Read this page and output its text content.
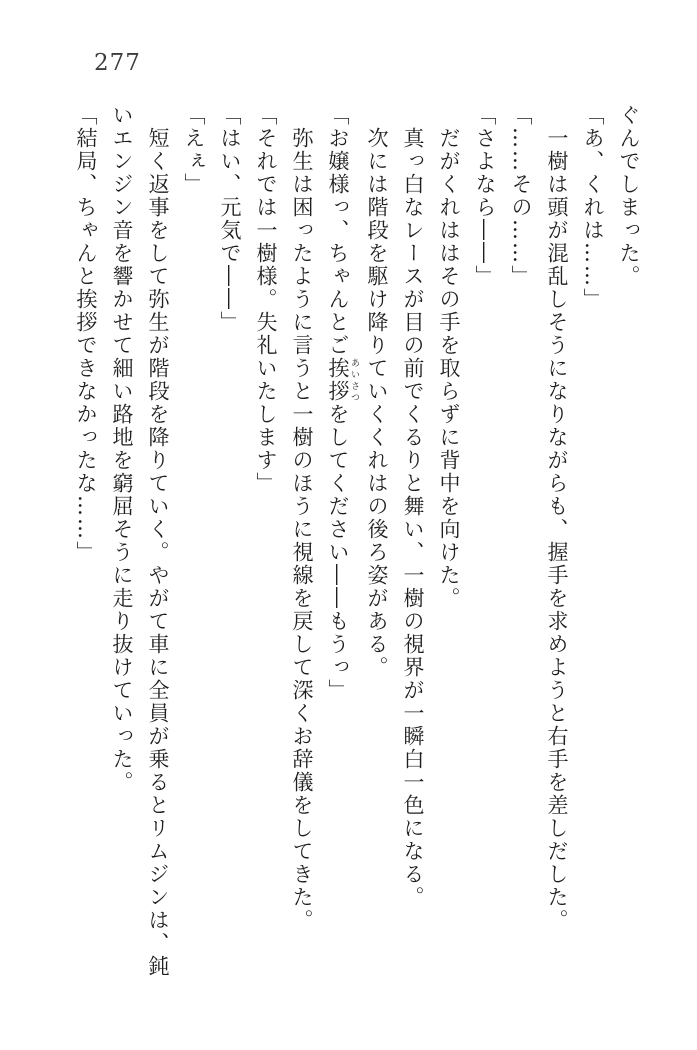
277

ぐんでしまった。

「あ、くれは……」

　一樹は頭が混乱しそうになりながらも、握手を求めようと右手を差しだした。

「……その……」

「さよなら――」

　だがくれははその手を取らずに背中を向けた。

　真っ白なレースが目の前でくるりと舞い、一樹の視界が一瞬白一色になる。

　次には階段を駆け降りていくくれはの後ろ姿がある。

「お嬢様っ、ちゃんとご挨拶 あいさつをしてください――もうっ」

　弥生は困ったように言うと一樹のほうに視線を戻して深くお辞儀をしてきた。

「それでは一樹様。失礼いたします」

「はい、元気で――」

「えぇ」

　短く返事をして弥生が階段を降りていく。やがて車に全員が乗るとリムジンは、鈍いエンジン音を響かせて細い路地を窮屈そうに走り抜けていった。

「結局、ちゃんと挨拶できなかったな……」
